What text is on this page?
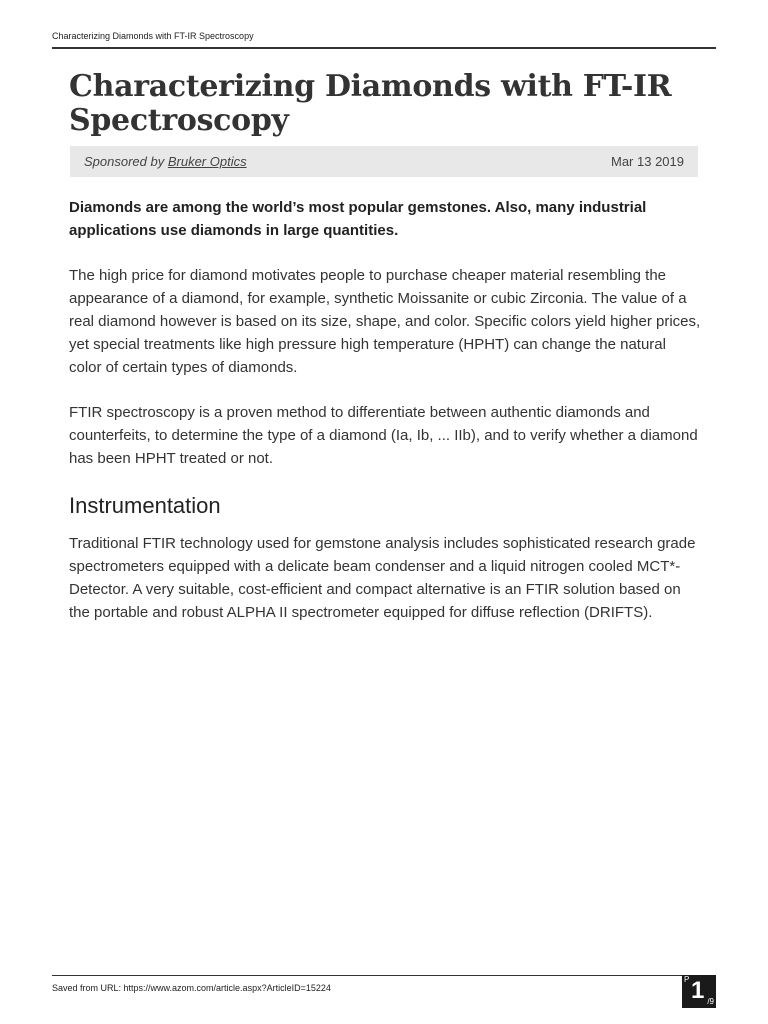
Characterizing Diamonds with FT-IR Spectroscopy
Characterizing Diamonds with FT-IR Spectroscopy
Sponsored by Bruker Optics	Mar 13 2019

Diamonds are among the world’s most popular gemstones. Also, many industrial applications use diamonds in large quantities.

The high price for diamond motivates people to purchase cheaper material resembling the appearance of a diamond, for example, synthetic Moissanite or cubic Zirconia. The value of a real diamond however is based on its size, shape, and color. Specific colors yield higher prices, yet special treatments like high pressure high temperature (HPHT) can change the natural color of certain types of diamonds.

FTIR spectroscopy is a proven method to differentiate between authentic diamonds and counterfeits, to determine the type of a diamond (Ia, Ib, ... IIb), and to verify whether a diamond has been HPHT treated or not.

Instrumentation

Traditional FTIR technology used for gemstone analysis includes sophisticated research grade spectrometers equipped with a delicate beam condenser and a liquid nitrogen cooled MCT*-Detector. A very suitable, cost-efficient and compact alternative is an FTIR solution based on the portable and robust ALPHA II spectrometer equipped for diffuse reflection (DRIFTS).

Saved from URL: https://www.azom.com/article.aspx?ArticleID=15224
P 1 /9
